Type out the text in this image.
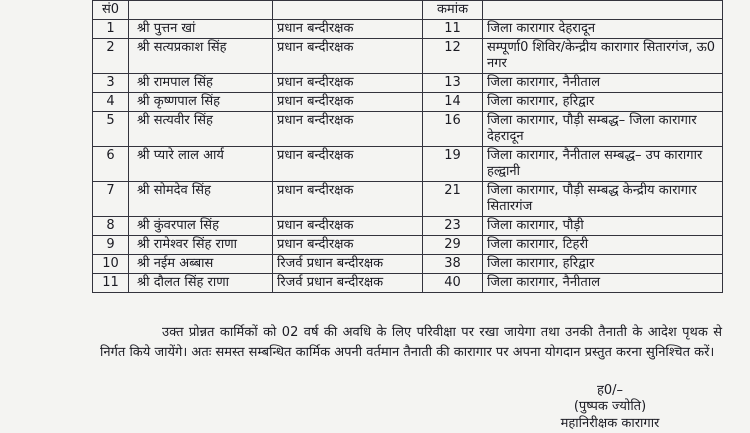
सं0			कमांक	
1	श्री पुत्तन खां	प्रधान बन्दीरक्षक	11	जिला कारागार देहरादून
2	श्री सत्यप्रकाश सिंह	प्रधान बन्दीरक्षक	12	सम्पूर्णा0 शिविर/केन्द्रीय कारागार सितारगंज, ऊ0 नगर
3	श्री रामपाल सिंह	प्रधान बन्दीरक्षक	13	जिला कारागार, नैनीताल
4	श्री कृष्णपाल सिंह	प्रधान बन्दीरक्षक	14	जिला कारागार, हरिद्वार
5	श्री सत्यवीर सिंह	प्रधान बन्दीरक्षक	16	जिला कारागार, पौड़ी सम्बद्ध– जिला कारागार देहरादून
6	श्री प्यारे लाल आर्य	प्रधान बन्दीरक्षक	19	जिला कारागार, नैनीताल सम्बद्ध– उप कारागार हल्द्वानी
7	श्री सोमदेव सिंह	प्रधान बन्दीरक्षक	21	जिला कारागार, पौड़ी सम्बद्ध केन्द्रीय कारागार सितारगंज
8	श्री कुंवरपाल सिंह	प्रधान बन्दीरक्षक	23	जिला कारागार, पौड़ी
9	श्री रामेश्वर सिंह राणा	प्रधान बन्दीरक्षक	29	जिला कारागार, टिहरी
10	श्री नईम अब्बास	रिजर्व प्रधान बन्दीरक्षक	38	जिला कारागार, हरिद्वार
11	श्री दौलत सिंह राणा	रिजर्व प्रधान बन्दीरक्षक	40	जिला कारागार, नैनीताल

उक्त प्रोन्नत कार्मिकों को 02 वर्ष की अवधि के लिए परिवीक्षा पर रखा जायेगा तथा उनकी तैनाती के आदेश पृथक से निर्गत किये जायेंगे। अतः समस्त सम्बन्धित कार्मिक अपनी वर्तमान तैनाती की कारागार पर अपना योगदान प्रस्तुत करना सुनिश्चित करें।

ह0/–
(पुष्पक ज्योति)
महानिरीक्षक कारागार
